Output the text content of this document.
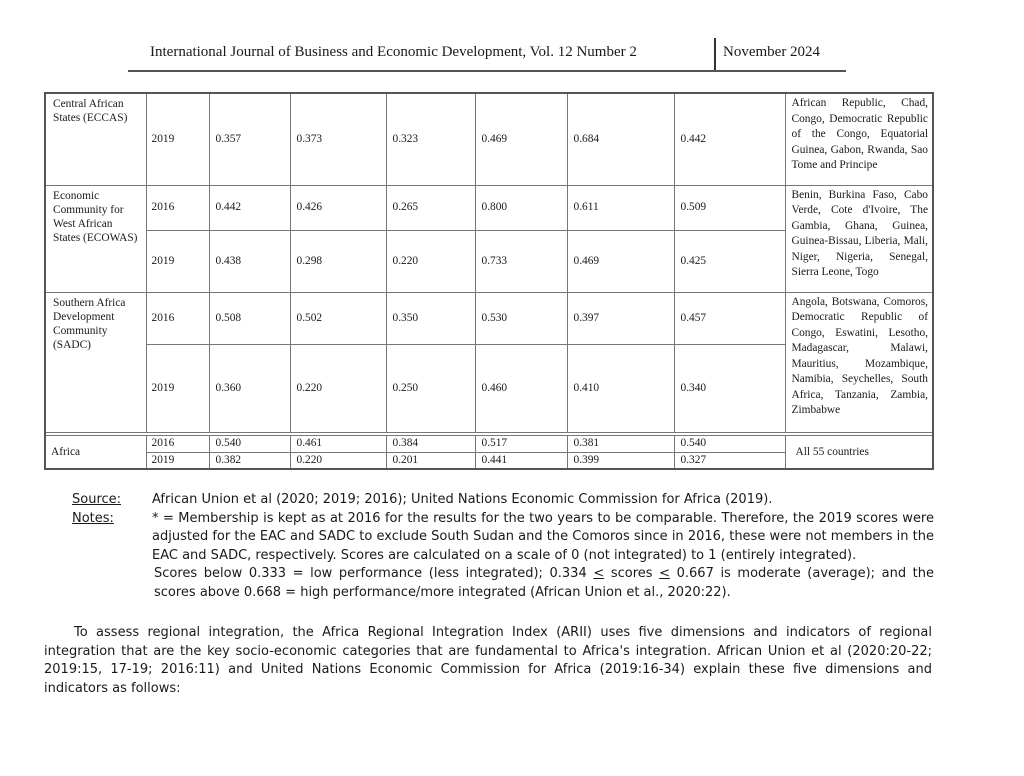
International Journal of Business and Economic Development, Vol. 12 Number 2	November 2024
Central African States (ECCAS)	2019	0.357	0.373	0.323	0.469	0.684	0.442	African Republic, Chad, Congo, Democratic Republic of the Congo, Equatorial Guinea, Gabon, Rwanda, Sao Tome and Principe
Economic Community for West African States (ECOWAS)	2016	0.442	0.426	0.265	0.800	0.611	0.509	Benin, Burkina Faso, Cabo Verde, Cote d'Ivoire, The Gambia, Ghana, Guinea, Guinea-Bissau, Liberia, Mali, Niger, Nigeria, Senegal, Sierra Leone, Togo
	2019	0.438	0.298	0.220	0.733	0.469	0.425	
Southern Africa Development Community (SADC)	2016	0.508	0.502	0.350	0.530	0.397	0.457	Angola, Botswana, Comoros, Democratic Republic of Congo, Eswatini, Lesotho, Madagascar, Malawi, Mauritius, Mozambique, Namibia, Seychelles, South Africa, Tanzania, Zambia, Zimbabwe
	2019	0.360	0.220	0.250	0.460	0.410	0.340	

Africa	2016	0.540	0.461	0.384	0.517	0.381	0.540	All 55 countries
	2019	0.382	0.220	0.201	0.441	0.399	0.327	
Source: African Union et al (2020; 2019; 2016); United Nations Economic Commission for Africa (2019).
Notes:	* = Membership is kept as at 2016 for the results for the two years to be comparable. Therefore, the 2019 scores were adjusted for the EAC and SADC to exclude South Sudan and the Comoros since in 2016, these were not members in the EAC and SADC, respectively. Scores are calculated on a scale of 0 (not integrated) to 1 (entirely integrated).
Scores below 0.333 = low performance (less integrated); 0.334 < scores < 0.667 is moderate (average); and the scores above 0.668 = high performance/more integrated (African Union et al., 2020:22).
To assess regional integration, the Africa Regional Integration Index (ARII) uses five dimensions and indicators of regional integration that are the key socio-economic categories that are fundamental to Africa's integration. African Union et al (2020:20-22; 2019:15, 17-19; 2016:11) and United Nations Economic Commission for Africa (2019:16-34) explain these five dimensions and indicators as follows:
